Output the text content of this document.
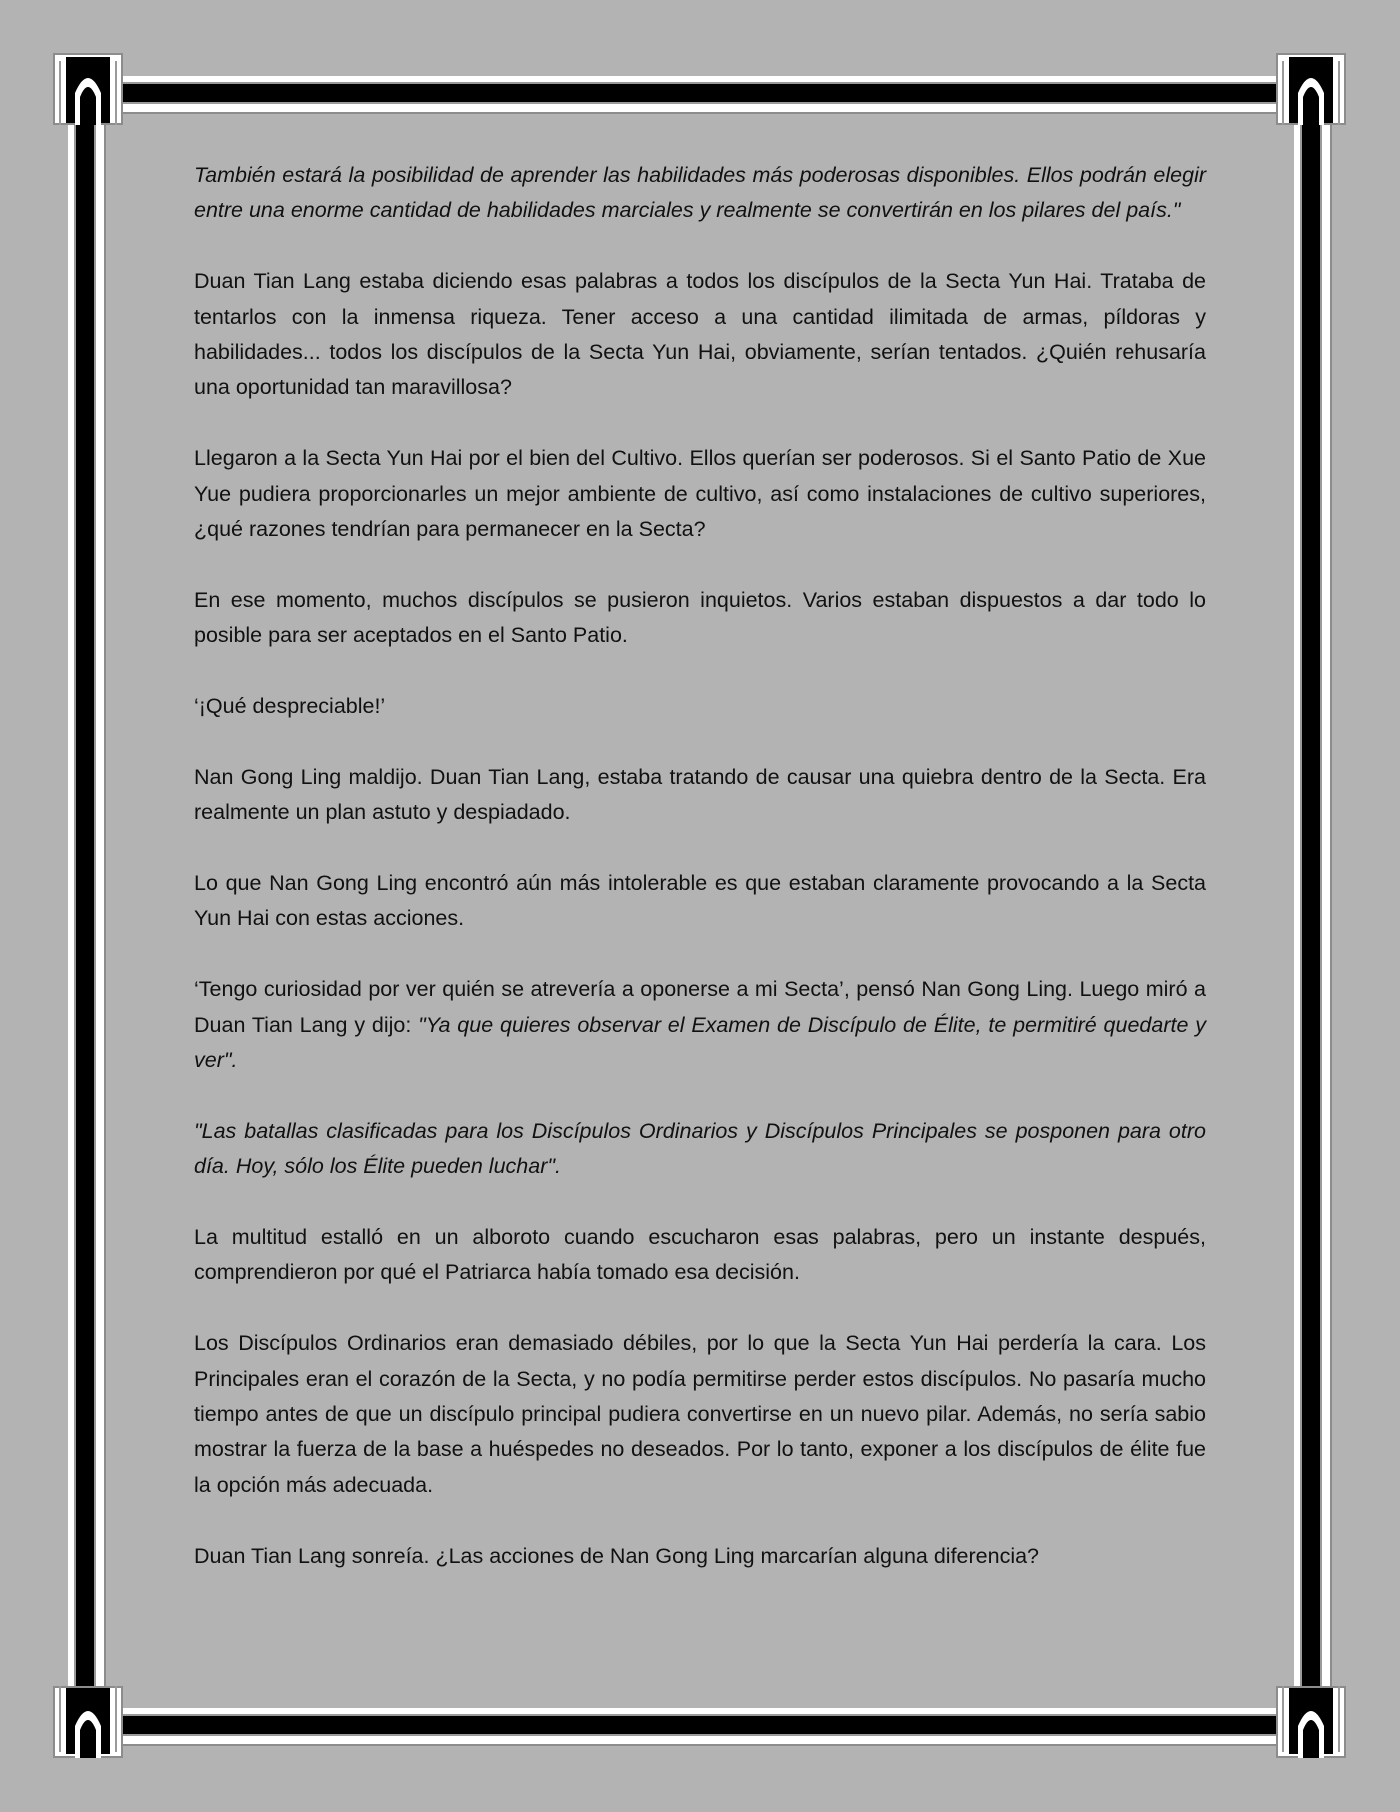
También estará la posibilidad de aprender las habilidades más poderosas disponibles. Ellos podrán elegir entre una enorme cantidad de habilidades marciales y realmente se convertirán en los pilares del país."

Duan Tian Lang estaba diciendo esas palabras a todos los discípulos de la Secta Yun Hai. Trataba de tentarlos con la inmensa riqueza. Tener acceso a una cantidad ilimitada de armas, píldoras y habilidades... todos los discípulos de la Secta Yun Hai, obviamente, serían tentados. ¿Quién rehusaría una oportunidad tan maravillosa?

Llegaron a la Secta Yun Hai por el bien del Cultivo. Ellos querían ser poderosos. Si el Santo Patio de Xue Yue pudiera proporcionarles un mejor ambiente de cultivo, así como instalaciones de cultivo superiores, ¿qué razones tendrían para permanecer en la Secta?

En ese momento, muchos discípulos se pusieron inquietos. Varios estaban dispuestos a dar todo lo posible para ser aceptados en el Santo Patio.

‘¡Qué despreciable!’

Nan Gong Ling maldijo. Duan Tian Lang, estaba tratando de causar una quiebra dentro de la Secta. Era realmente un plan astuto y despiadado.

Lo que Nan Gong Ling encontró aún más intolerable es que estaban claramente provocando a la Secta Yun Hai con estas acciones.

‘Tengo curiosidad por ver quién se atrevería a oponerse a mi Secta’, pensó Nan Gong Ling. Luego miró a Duan Tian Lang y dijo: "Ya que quieres observar el Examen de Discípulo de Élite, te permitiré quedarte y ver".

"Las batallas clasificadas para los Discípulos Ordinarios y Discípulos Principales se posponen para otro día. Hoy, sólo los Élite pueden luchar".

La multitud estalló en un alboroto cuando escucharon esas palabras, pero un instante después, comprendieron por qué el Patriarca había tomado esa decisión.

Los Discípulos Ordinarios eran demasiado débiles, por lo que la Secta Yun Hai perdería la cara. Los Principales eran el corazón de la Secta, y no podía permitirse perder estos discípulos. No pasaría mucho tiempo antes de que un discípulo principal pudiera convertirse en un nuevo pilar. Además, no sería sabio mostrar la fuerza de la base a huéspedes no deseados. Por lo tanto, exponer a los discípulos de élite fue la opción más adecuada.

Duan Tian Lang sonreía. ¿Las acciones de Nan Gong Ling marcarían alguna diferencia?
